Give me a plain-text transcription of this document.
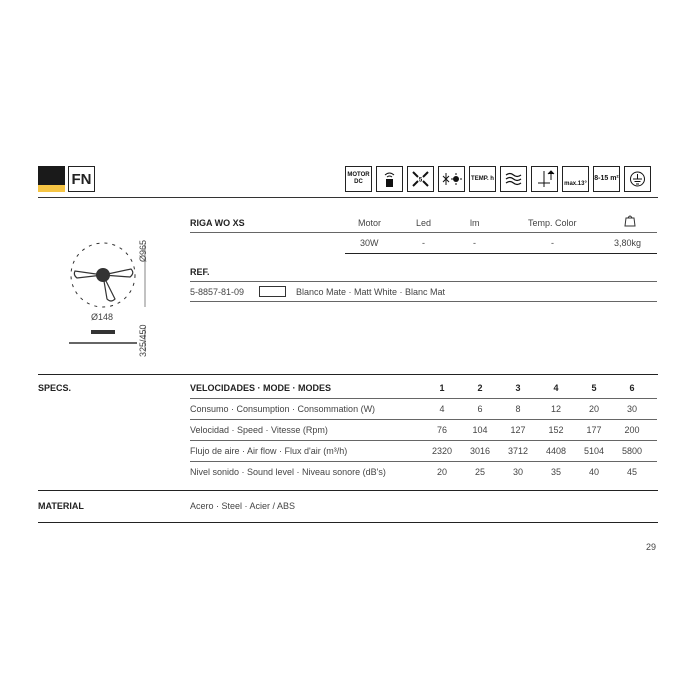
FN	MOTOR DC	5	TEMP. h
max.13°
8-15 m²
Ø965
Ø148
325/450
RIGA WO XS	Motor	Led	lm	Temp. Color
30W	-	-	-	3,80kg
REF.
5-8857-81-09	Blanco Mate · Matt White · Blanc Mat
SPECS.	VELOCIDADES · MODE · MODES	1	2	3	4	5	6
Consumo · Consumption · Consommation (W)	4	6	8	12	20	30
Velocidad · Speed · Vitesse (Rpm)	76	104	127	152	177	200
Flujo de aire · Air flow · Flux d'air (m³/h)	2320	3016	3712	4408	5104	5800
Nivel sonido · Sound level · Niveau sonore (dB's)	20	25	30	35	40	45
MATERIAL	Acero · Steel · Acier / ABS
29
